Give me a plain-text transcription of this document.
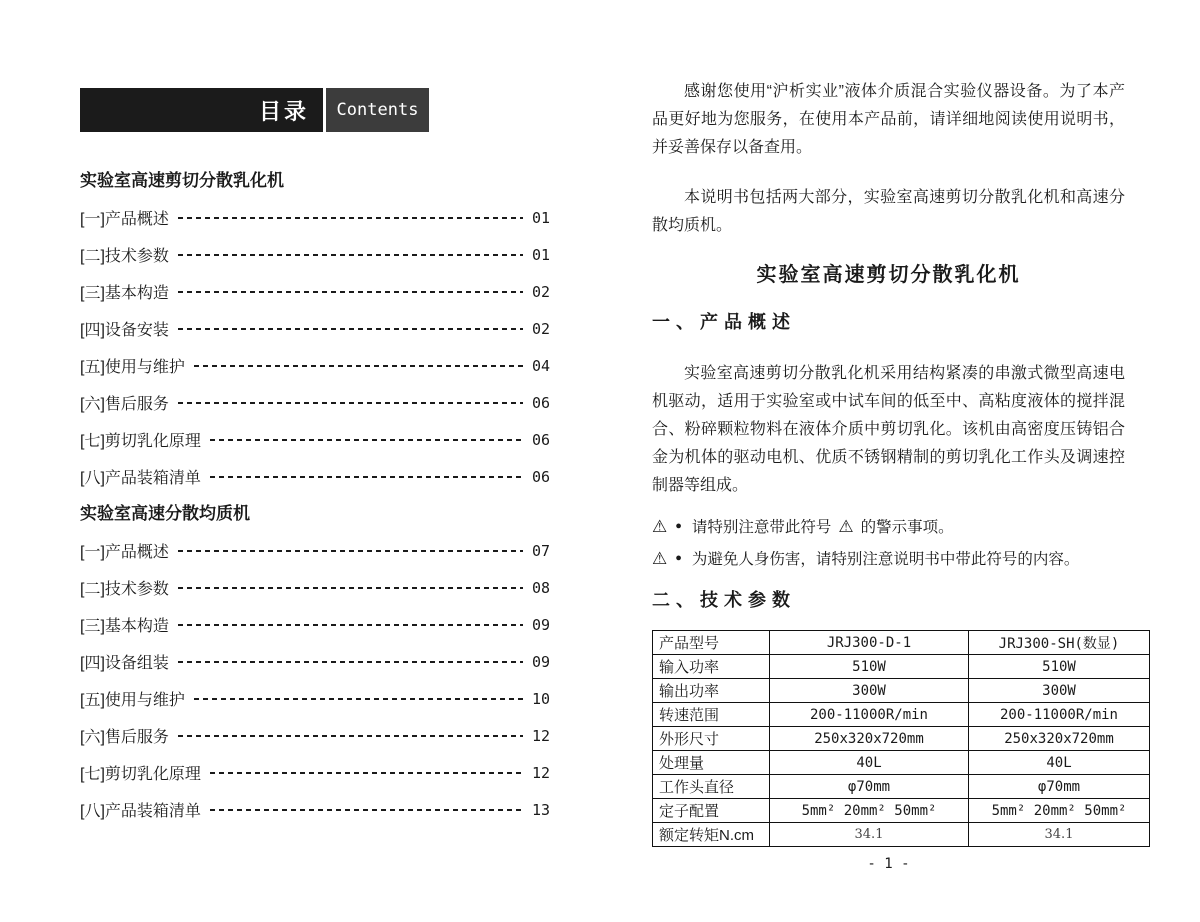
目录	Contents
实验室高速剪切分散乳化机
[一]产品概述	01
[二]技术参数	01
[三]基本构造	02
[四]设备安装	02
[五]使用与维护	04
[六]售后服务	06
[七]剪切乳化原理	06
[八]产品装箱清单	06
实验室高速分散均质机
[一]产品概述	07
[二]技术参数	08
[三]基本构造	09
[四]设备组装	09
[五]使用与维护	10
[六]售后服务	12
[七]剪切乳化原理	12
[八]产品装箱清单	13

感谢您使用“沪析实业”液体介质混合实验仪器设备。为了本产品更好地为您服务，在使用本产品前，请详细地阅读使用说明书，并妥善保存以备查用。

本说明书包括两大部分，实验室高速剪切分散乳化机和高速分散均质机。

实验室高速剪切分散乳化机
一、产品概述

实验室高速剪切分散乳化机采用结构紧凑的串激式微型高速电机驱动，适用于实验室或中试车间的低至中、高粘度液体的搅拌混合、粉碎颗粒物料在液体介质中剪切乳化。该机由高密度压铸铝合金为机体的驱动电机、优质不锈钢精制的剪切乳化工作头及调速控制器等组成。

⚠ ● 请特别注意带此符号 ⚠ 的警示事项。
⚠ ● 为避免人身伤害，请特别注意说明书中带此符号的内容。
二、技术参数
产品型号	JRJ300-D-1	JRJ300-SH(数显)
输入功率	510W	510W
输出功率	300W	300W
转速范围	200-11000R/min	200-11000R/min
外形尺寸	250x320x720mm	250x320x720mm
处理量	40L	40L
工作头直径	φ70mm	φ70mm
定子配置	5mm² 20mm² 50mm²	5mm² 20mm² 50mm²
额定转矩N.cm	34.1	34.1
- 1 -
